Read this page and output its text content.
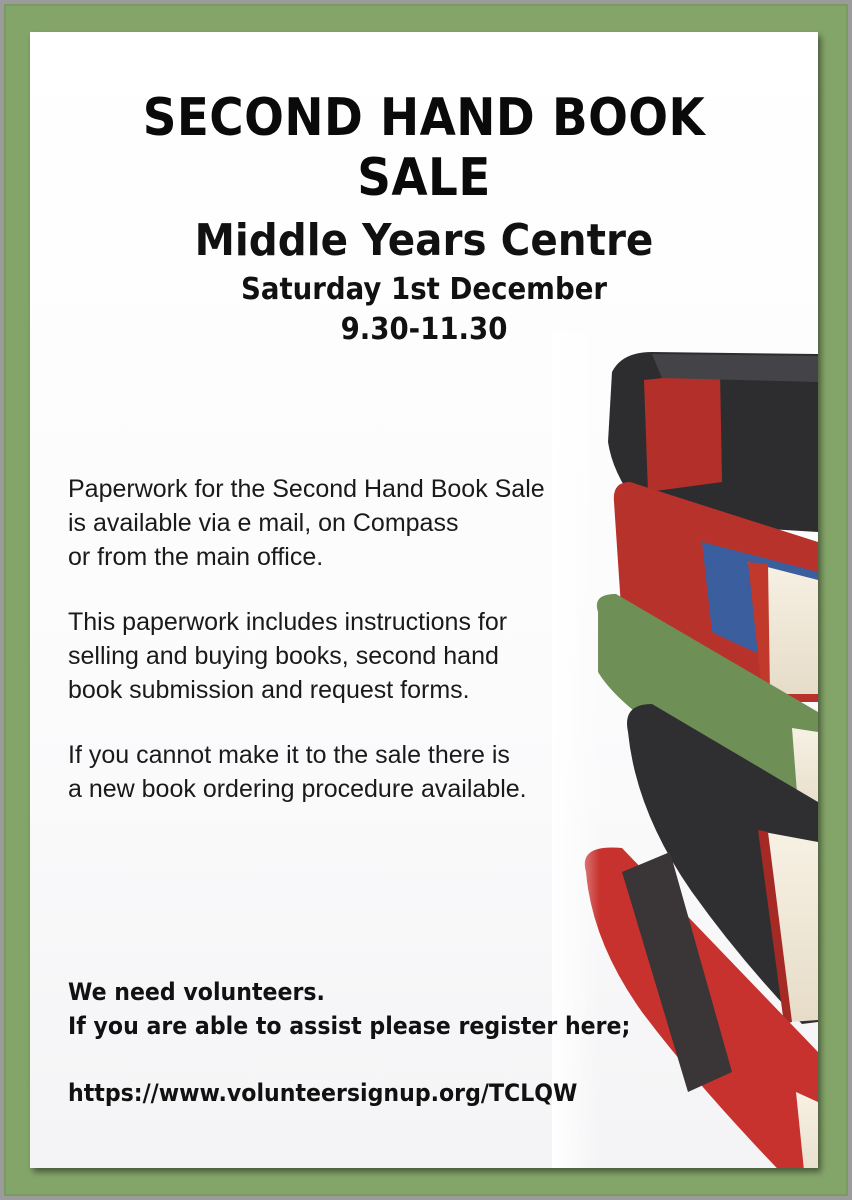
SECOND HAND BOOK SALE
Middle Years Centre
Saturday 1st December
9.30-11.30
Paperwork for the Second Hand Book Sale
is available via e mail, on Compass
or from the main office.
This paperwork includes instructions for
selling and buying books, second hand
book submission and request forms.
If you cannot make it to the sale there is
a new book ordering procedure available.
We need volunteers.
If you are able to assist please register here;
https://www.volunteersignup.org/TCLQW
